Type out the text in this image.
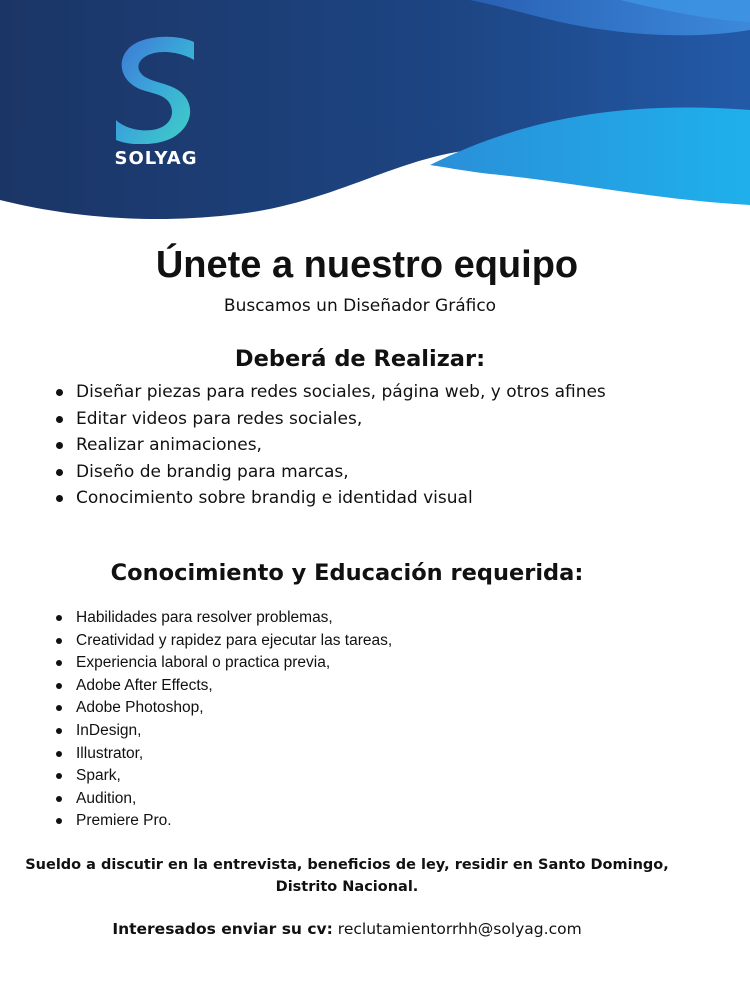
SOLYAG
Únete a nuestro equipo

Buscamos un Diseñador Gráfico

Deberá de Realizar:
Diseñar piezas para redes sociales, página web, y otros afines
Editar videos para redes sociales,
Realizar animaciones,
Diseño de brandig para marcas,
Conocimiento sobre brandig e identidad visual
Conocimiento y Educación requerida:
Habilidades para resolver problemas,
Creatividad y rapidez para ejecutar las tareas,
Experiencia laboral o practica previa,
Adobe After Effects,
Adobe Photoshop,
InDesign,
Illustrator,
Spark,
Audition,
Premiere Pro.

Sueldo a discutir en la entrevista, beneficios de ley, residir en Santo Domingo,
Distrito Nacional.

Interesados enviar su cv: reclutamientorrhh@solyag.com
